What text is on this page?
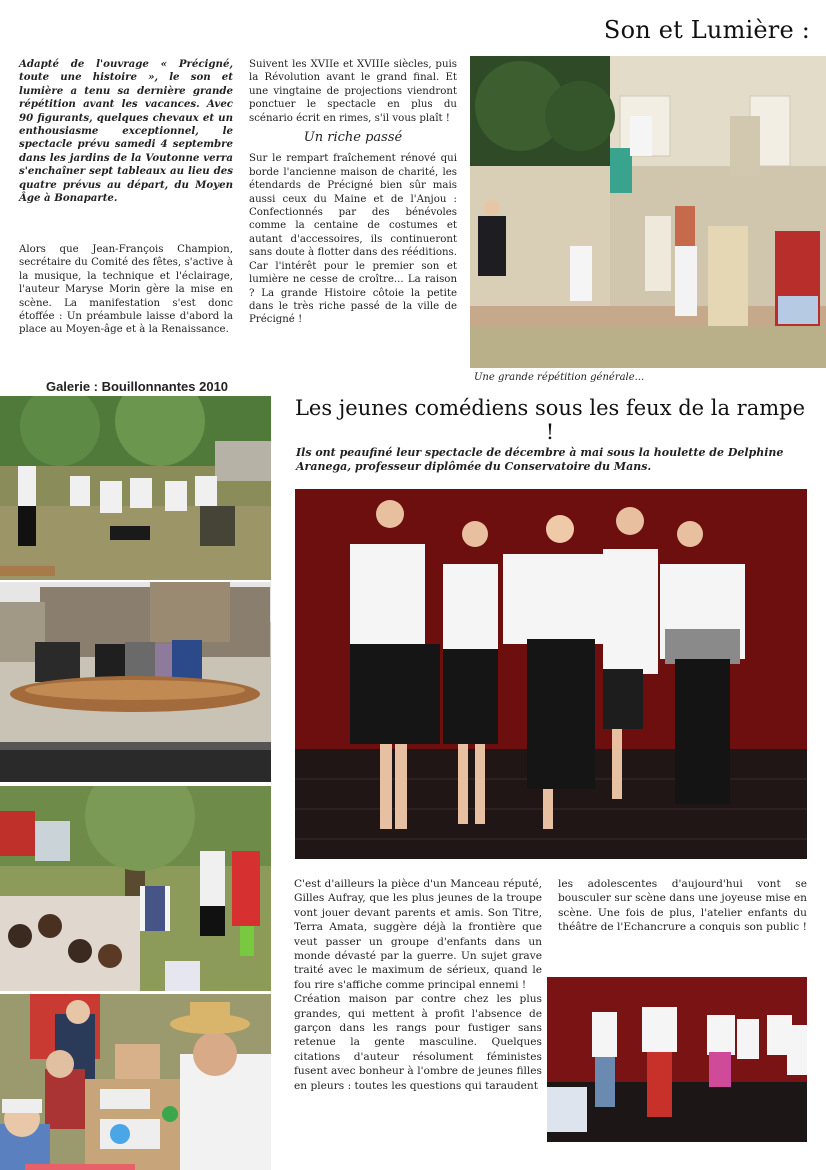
Son et Lumière :

Adapté de l'ouvrage « Précigné, toute une histoire », le son et lumière a tenu sa dernière grande répétition avant les vacances. Avec 90 figurants, quelques chevaux et un enthousiasme exceptionnel, le spectacle prévu samedi 4 septembre dans les jardins de la Voutonne verra s'enchaîner sept tableaux au lieu des quatre prévus au départ, du Moyen Âge à Bonaparte.

Alors que Jean-François Champion, secrétaire du Comité des fêtes, s'active à la musique, la technique et l'éclairage, l'auteur Maryse Morin gère la mise en scène. La manifestation s'est donc étoffée : Un préambule laisse d'abord la place au Moyen-âge et à la Renaissance.

Suivent les XVIIe et XVIIIe siècles, puis la Révolution avant le grand final. Et une vingtaine de projections viendront ponctuer le spectacle en plus du scénario écrit en rimes, s'il vous plaît !

Un riche passé

Sur le rempart fraîchement rénové qui borde l'ancienne maison de charité, les étendards de Précigné bien sûr mais aussi ceux du Maine et de l'Anjou : Confectionnés par des bénévoles comme la centaine de costumes et autant d'accessoires, ils continueront sans doute à flotter dans des rééditions. Car l'intérêt pour le premier son et lumière ne cesse de croître... La raison ? La grande Histoire côtoie la petite dans le très riche passé de la ville de Précigné !

Une grande répétition générale...
Galerie : Bouillonnantes 2010
Les jeunes comédiens sous les feux de la rampe !
Ils ont peaufiné leur spectacle de décembre à mai sous la houlette de Delphine Aranega, professeur diplômée du Conservatoire du Mans.

C'est d'ailleurs la pièce d'un Manceau réputé, Gilles Aufray, que les plus jeunes de la troupe vont jouer devant parents et amis. Son Titre, Terra Amata, suggère déjà la frontière que veut passer un groupe d'enfants dans un monde dévasté par la guerre. Un sujet grave traité avec le maximum de sérieux, quand le fou rire s'affiche comme principal ennemi !

Création maison par contre chez les plus grandes, qui mettent à profit l'absence de garçon dans les rangs pour fustiger sans retenue la gente masculine. Quelques citations d'auteur résolument féministes fusent avec bonheur à l'ombre de jeunes filles en pleurs : toutes les questions qui taraudent

les adolescentes d'aujourd'hui vont se bousculer sur scène dans une joyeuse mise en scène. Une fois de plus, l'atelier enfants du théâtre de l'Echancrure a conquis son public !
